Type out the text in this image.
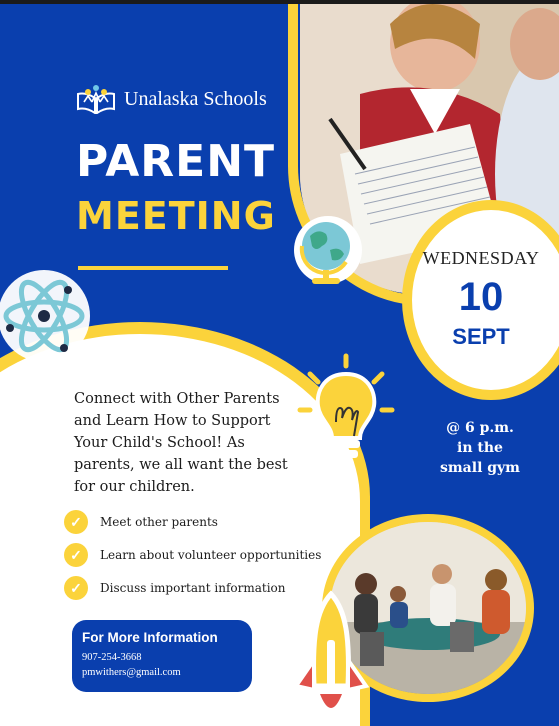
Unalaska Schools
PARENT
MEETING
WEDNESDAY
10
SEPT
Connect with Other Parents and Learn How to Support Your Child's School! As parents, we all want the best for our children.
✓	Meet other parents
✓	Learn about volunteer opportunities
✓	Discuss important information
For More Information
907-254-3668
pmwithers@gmail.com
@ 6 p.m.
in the
small gym
